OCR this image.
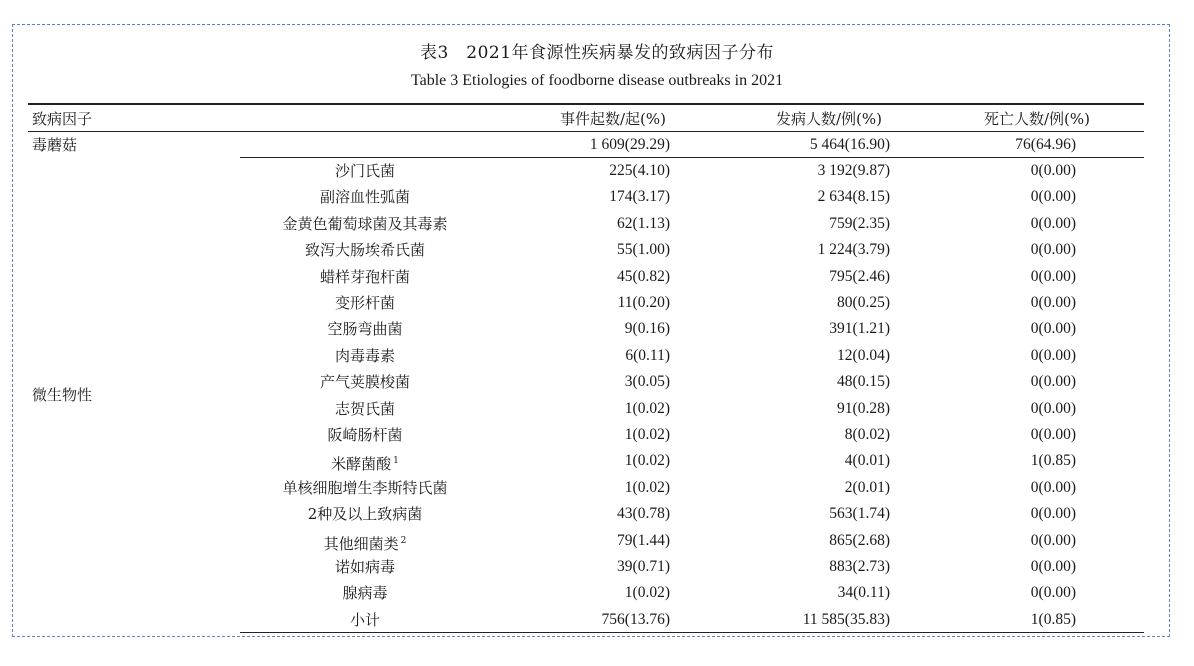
表3　2021年食源性疾病暴发的致病因子分布
Table 3 Etiologies of foodborne disease outbreaks in 2021
致病因子	事件起数/起(%)	发病人数/例(%)	死亡人数/例(%)
毒蘑菇	1 609(29.29)	5 464(16.90)	76(64.96)
微生物性
沙门氏菌	225(4.10)	3 192(9.87)	0(0.00)
副溶血性弧菌	174(3.17)	2 634(8.15)	0(0.00)
金黄色葡萄球菌及其毒素	62(1.13)	759(2.35)	0(0.00)
致泻大肠埃希氏菌	55(1.00)	1 224(3.79)	0(0.00)
蜡样芽孢杆菌	45(0.82)	795(2.46)	0(0.00)
变形杆菌	11(0.20)	80(0.25)	0(0.00)
空肠弯曲菌	9(0.16)	391(1.21)	0(0.00)
肉毒毒素	6(0.11)	12(0.04)	0(0.00)
产气荚膜梭菌	3(0.05)	48(0.15)	0(0.00)
志贺氏菌	1(0.02)	91(0.28)	0(0.00)
阪崎肠杆菌	1(0.02)	8(0.02)	0(0.00)
米酵菌酸 $^1$	1(0.02)	4(0.01)	1(0.85)
单核细胞增生李斯特氏菌	1(0.02)	2(0.01)	0(0.00)
2种及以上致病菌	43(0.78)	563(1.74)	0(0.00)
其他细菌类 $^2$	79(1.44)	865(2.68)	0(0.00)
诺如病毒	39(0.71)	883(2.73)	0(0.00)
腺病毒	1(0.02)	34(0.11)	0(0.00)
小计	756(13.76)	11 585(35.83)	1(0.85)
